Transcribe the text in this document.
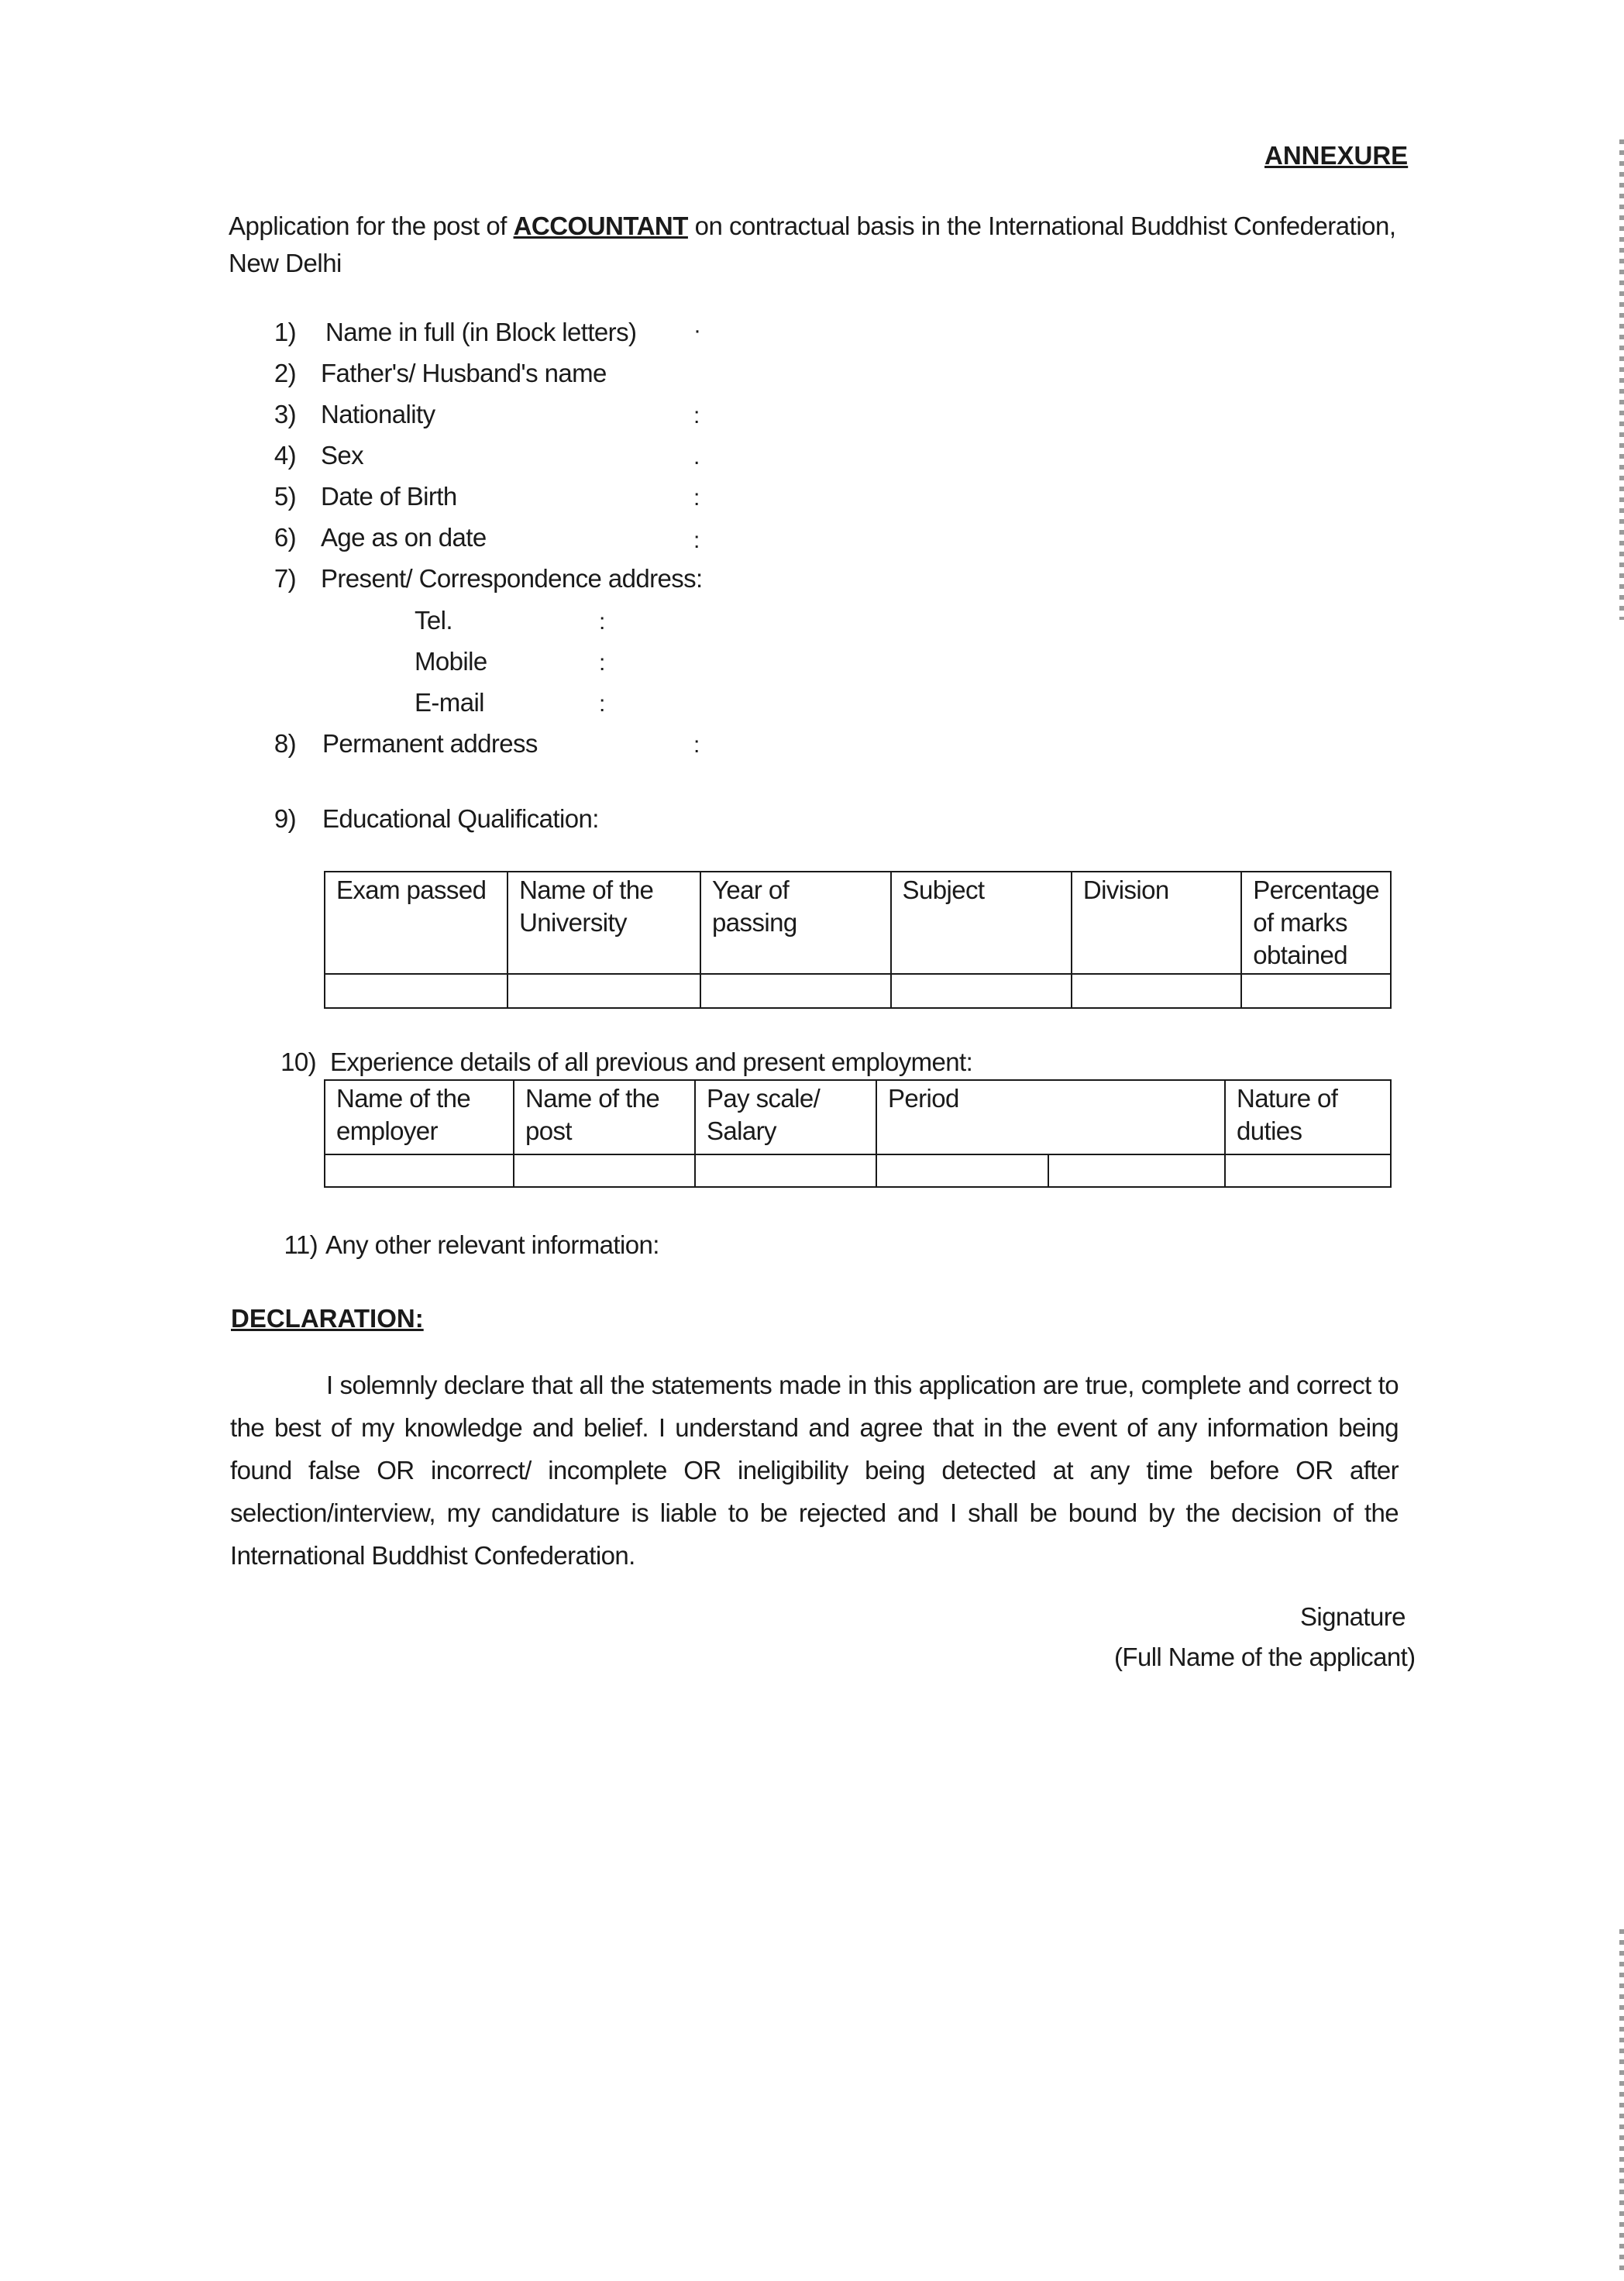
ANNEXURE
Application for the post of ACCOUNTANT on contractual basis in the International Buddhist Confederation, New Delhi
1) Name in full (in Block letters) ·
2) Father's/ Husband's name
3) Nationality	:
4) Sex	.
5) Date of Birth	:
6) Age as on date	:
7) Present/ Correspondence address:
Tel.	:
Mobile	:
E-mail	:
8) Permanent address	:
9) Educational Qualification:
Exam passed	Name of the University	Year of passing	Subject	Division	Percentage of marks obtained

10) Experience details of all previous and present employment:
Name of the employer	Name of the post	Pay scale/ Salary	Period		Nature of duties

11) Any other relevant information:
DECLARATION:
I solemnly declare that all the statements made in this application are true, complete and correct to the best of my knowledge and belief. I understand and agree that in the event of any information being found false OR incorrect/ incomplete OR ineligibility being detected at any time before OR after selection/interview, my candidature is liable to be rejected and I shall be bound by the decision of the International Buddhist Confederation.
Signature
(Full Name of the applicant)
